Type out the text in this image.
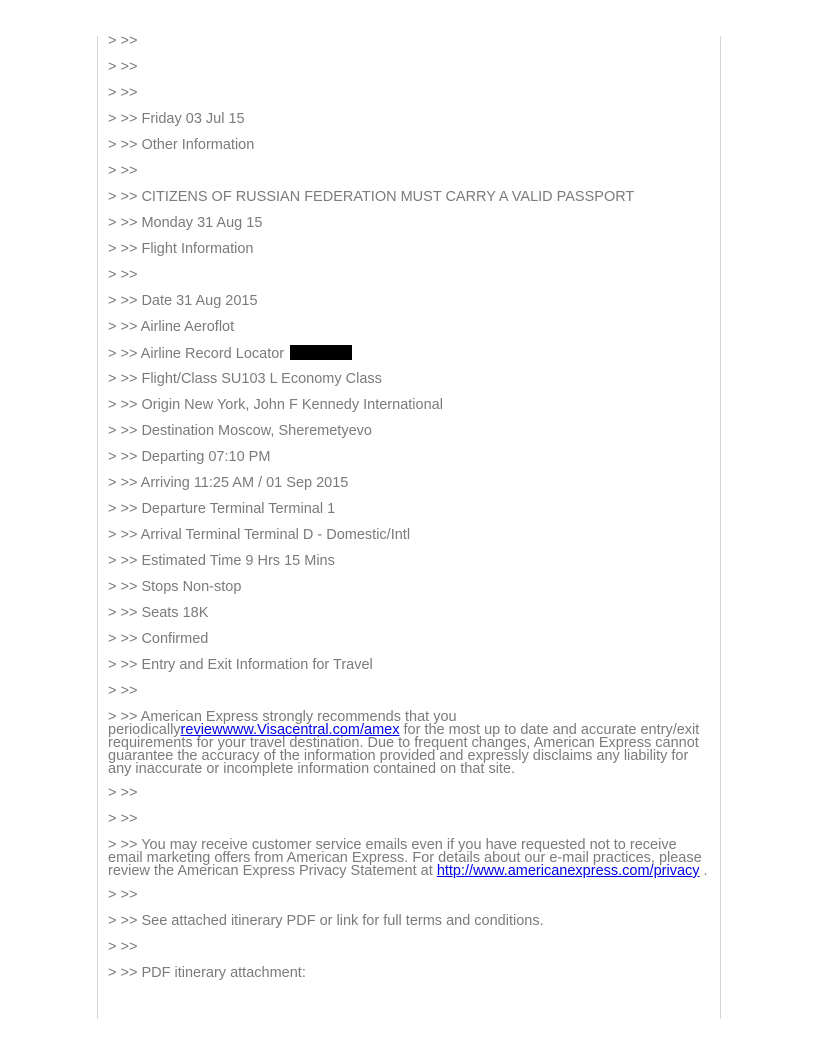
> >>
> >>
> >>
> >> Friday 03 Jul 15
> >> Other Information
> >>
> >> CITIZENS OF RUSSIAN FEDERATION MUST CARRY A VALID PASSPORT
> >> Monday 31 Aug 15
> >> Flight Information
> >>
> >> Date 31 Aug 2015
> >> Airline Aeroflot
> >> Airline Record Locator
> >> Flight/Class SU103 L Economy Class
> >> Origin New York, John F Kennedy International
> >> Destination Moscow, Sheremetyevo
> >> Departing 07:10 PM
> >> Arriving 11:25 AM / 01 Sep 2015
> >> Departure Terminal Terminal 1
> >> Arrival Terminal Terminal D - Domestic/Intl
> >> Estimated Time 9 Hrs 15 Mins
> >> Stops Non-stop
> >> Seats 18K
> >> Confirmed
> >> Entry and Exit Information for Travel
> >>
> >> American Express strongly recommends that you periodicallyreviewwww.Visacentral.com/amex for the most up to date and accurate entry/exit requirements for your travel destination. Due to frequent changes, American Express cannot guarantee the accuracy of the information provided and expressly disclaims any liability for any inaccurate or incomplete information contained on that site.
> >>
> >>
> >> You may receive customer service emails even if you have requested not to receive email marketing offers from American Express. For details about our e-mail practices, please review the American Express Privacy Statement at http://www.americanexpress.com/privacy .
> >>
> >> See attached itinerary PDF or link for full terms and conditions.
> >>
> >> PDF itinerary attachment:
